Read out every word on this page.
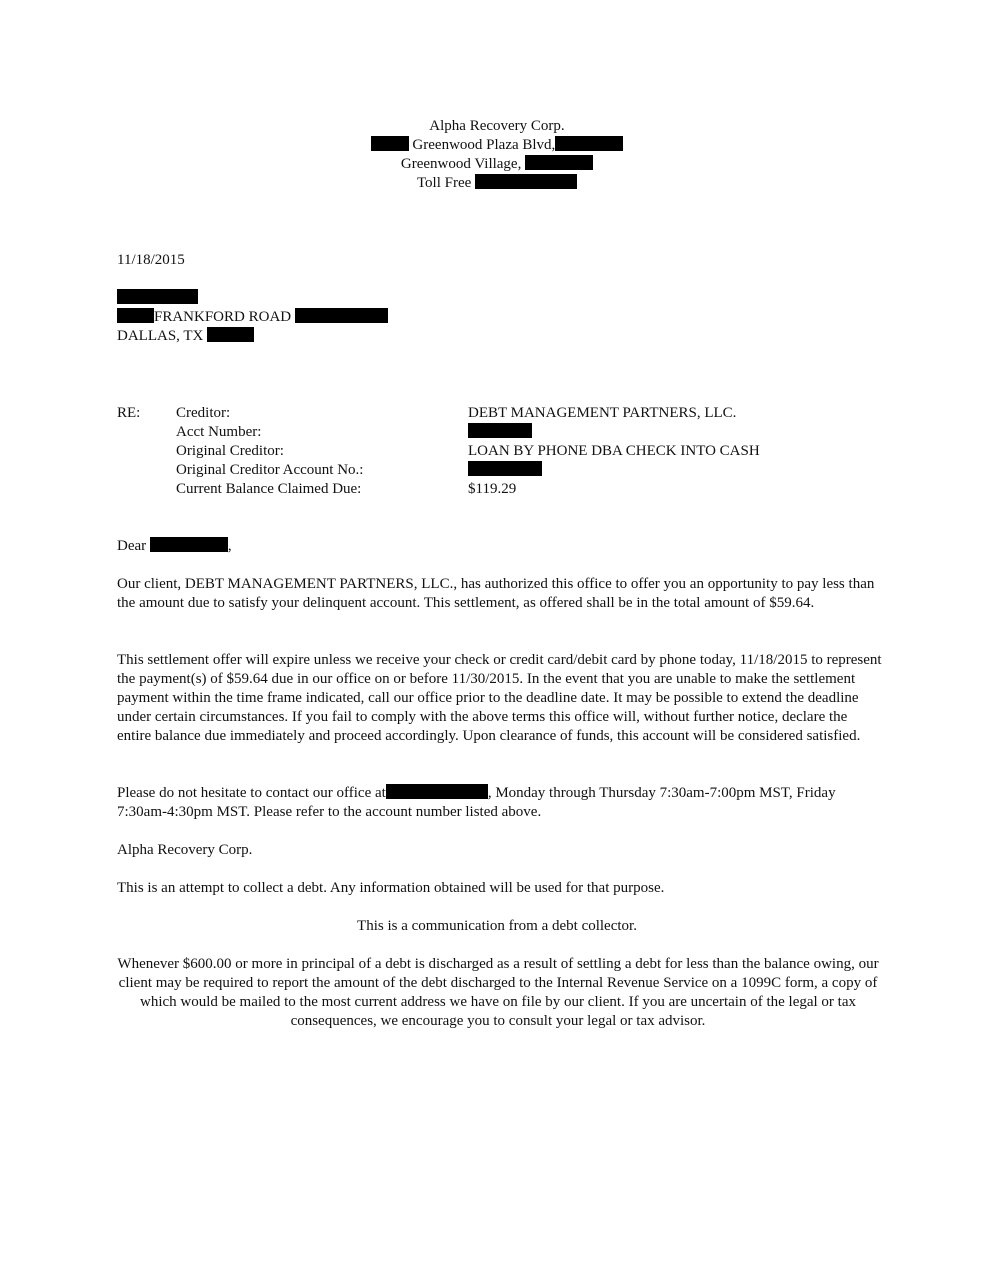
Alpha Recovery Corp.
Greenwood Plaza Blvd,
Greenwood Village,
Toll Free
11/18/2015
FRANKFORD ROAD
DALLAS, TX
RE: Creditor:	DEBT MANAGEMENT PARTNERS, LLC.
Acct Number:
Original Creditor:	LOAN BY PHONE DBA CHECK INTO CASH
Original Creditor Account No.:
Current Balance Claimed Due:	$119.29
Dear	,

Our client, DEBT MANAGEMENT PARTNERS, LLC., has authorized this office to offer you an opportunity to pay less than the amount due to satisfy your delinquent account. This settlement, as offered shall be in the total amount of $59.64.

This settlement offer will expire unless we receive your check or credit card/debit card by phone today, 11/18/2015 to represent the payment(s) of $59.64 due in our office on or before 11/30/2015. In the event that you are unable to make the settlement payment within the time frame indicated, call our office prior to the deadline date. It may be possible to extend the deadline under certain circumstances. If you fail to comply with the above terms this office will, without further notice, declare the entire balance due immediately and proceed accordingly. Upon clearance of funds, this account will be considered satisfied.

Please do not hesitate to contact our office at	, Monday through Thursday 7:30am-7:00pm MST, Friday 7:30am-4:30pm MST. Please refer to the account number listed above.

Alpha Recovery Corp.
This is an attempt to collect a debt. Any information obtained will be used for that purpose.
This is a communication from a debt collector.

Whenever $600.00 or more in principal of a debt is discharged as a result of settling a debt for less than the balance owing, our client may be required to report the amount of the debt discharged to the Internal Revenue Service on a 1099C form, a copy of which would be mailed to the most current address we have on file by our client. If you are uncertain of the legal or tax consequences, we encourage you to consult your legal or tax advisor.
